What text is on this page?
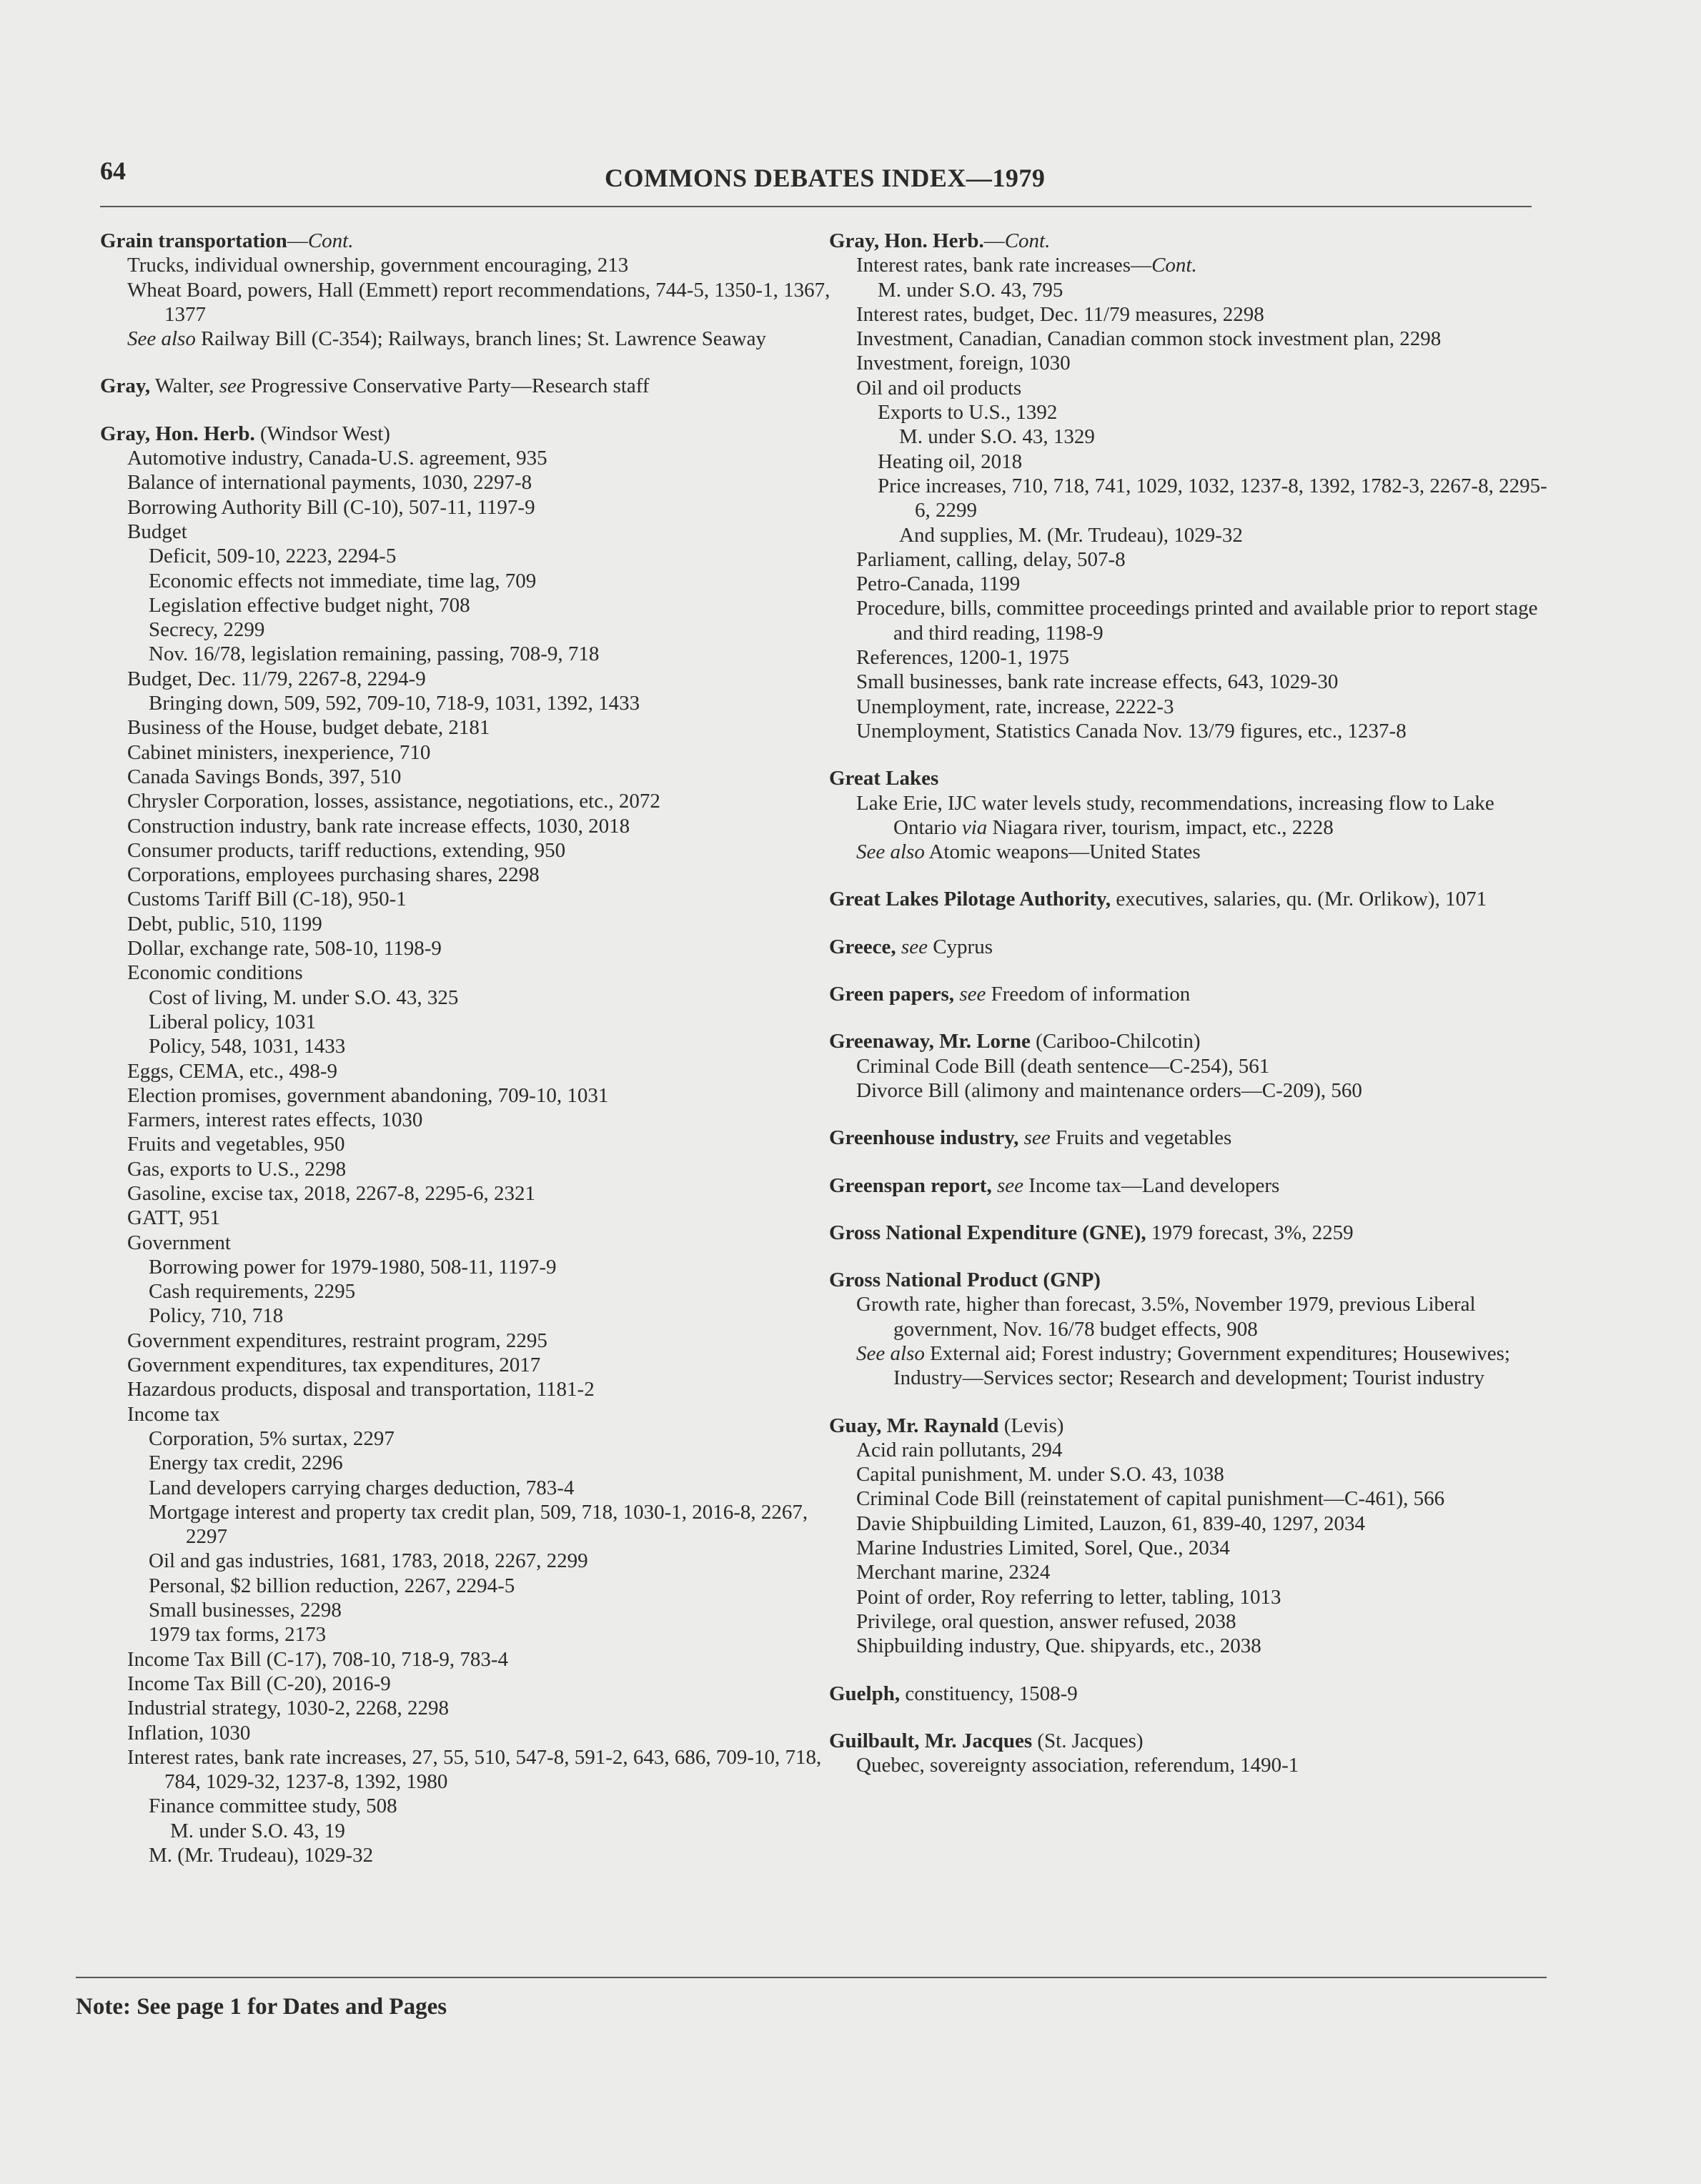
64	COMMONS DEBATES INDEX—1979
Grain transportation—Cont.
Trucks, individual ownership, government encouraging, 213
Wheat Board, powers, Hall (Emmett) report recommendations, 744-5, 1350-1, 1367, 1377
See also Railway Bill (C-354); Railways, branch lines; St. Lawrence Seaway
Gray, Walter, see Progressive Conservative Party—Research staff
Gray, Hon. Herb. (Windsor West)
Automotive industry, Canada-U.S. agreement, 935
Balance of international payments, 1030, 2297-8
Borrowing Authority Bill (C-10), 507-11, 1197-9
Budget
Deficit, 509-10, 2223, 2294-5
Economic effects not immediate, time lag, 709
Legislation effective budget night, 708
Secrecy, 2299
Nov. 16/78, legislation remaining, passing, 708-9, 718
Budget, Dec. 11/79, 2267-8, 2294-9
Bringing down, 509, 592, 709-10, 718-9, 1031, 1392, 1433
Business of the House, budget debate, 2181
Cabinet ministers, inexperience, 710
Canada Savings Bonds, 397, 510
Chrysler Corporation, losses, assistance, negotiations, etc., 2072
Construction industry, bank rate increase effects, 1030, 2018
Consumer products, tariff reductions, extending, 950
Corporations, employees purchasing shares, 2298
Customs Tariff Bill (C-18), 950-1
Debt, public, 510, 1199
Dollar, exchange rate, 508-10, 1198-9
Economic conditions
Cost of living, M. under S.O. 43, 325
Liberal policy, 1031
Policy, 548, 1031, 1433
Eggs, CEMA, etc., 498-9
Election promises, government abandoning, 709-10, 1031
Farmers, interest rates effects, 1030
Fruits and vegetables, 950
Gas, exports to U.S., 2298
Gasoline, excise tax, 2018, 2267-8, 2295-6, 2321
GATT, 951
Government
Borrowing power for 1979-1980, 508-11, 1197-9
Cash requirements, 2295
Policy, 710, 718
Government expenditures, restraint program, 2295
Government expenditures, tax expenditures, 2017
Hazardous products, disposal and transportation, 1181-2
Income tax
Corporation, 5% surtax, 2297
Energy tax credit, 2296
Land developers carrying charges deduction, 783-4
Mortgage interest and property tax credit plan, 509, 718, 1030-1, 2016-8, 2267, 2297
Oil and gas industries, 1681, 1783, 2018, 2267, 2299
Personal, $2 billion reduction, 2267, 2294-5
Small businesses, 2298
1979 tax forms, 2173
Income Tax Bill (C-17), 708-10, 718-9, 783-4
Income Tax Bill (C-20), 2016-9
Industrial strategy, 1030-2, 2268, 2298
Inflation, 1030
Interest rates, bank rate increases, 27, 55, 510, 547-8, 591-2, 643, 686, 709-10, 718, 784, 1029-32, 1237-8, 1392, 1980
Finance committee study, 508
M. under S.O. 43, 19
M. (Mr. Trudeau), 1029-32
Gray, Hon. Herb.—Cont.
Interest rates, bank rate increases—Cont.
M. under S.O. 43, 795
Interest rates, budget, Dec. 11/79 measures, 2298
Investment, Canadian, Canadian common stock investment plan, 2298
Investment, foreign, 1030
Oil and oil products
Exports to U.S., 1392
M. under S.O. 43, 1329
Heating oil, 2018
Price increases, 710, 718, 741, 1029, 1032, 1237-8, 1392, 1782-3, 2267-8, 2295-6, 2299
And supplies, M. (Mr. Trudeau), 1029-32
Parliament, calling, delay, 507-8
Petro-Canada, 1199
Procedure, bills, committee proceedings printed and available prior to report stage and third reading, 1198-9
References, 1200-1, 1975
Small businesses, bank rate increase effects, 643, 1029-30
Unemployment, rate, increase, 2222-3
Unemployment, Statistics Canada Nov. 13/79 figures, etc., 1237-8
Great Lakes
Lake Erie, IJC water levels study, recommendations, increasing flow to Lake Ontario via Niagara river, tourism, impact, etc., 2228
See also Atomic weapons—United States
Great Lakes Pilotage Authority, executives, salaries, qu. (Mr. Orlikow), 1071
Greece, see Cyprus
Green papers, see Freedom of information
Greenaway, Mr. Lorne (Cariboo-Chilcotin)
Criminal Code Bill (death sentence—C-254), 561
Divorce Bill (alimony and maintenance orders—C-209), 560
Greenhouse industry, see Fruits and vegetables
Greenspan report, see Income tax—Land developers
Gross National Expenditure (GNE), 1979 forecast, 3%, 2259
Gross National Product (GNP)
Growth rate, higher than forecast, 3.5%, November 1979, previous Liberal government, Nov. 16/78 budget effects, 908
See also External aid; Forest industry; Government expenditures; Housewives; Industry—Services sector; Research and development; Tourist industry
Guay, Mr. Raynald (Levis)
Acid rain pollutants, 294
Capital punishment, M. under S.O. 43, 1038
Criminal Code Bill (reinstatement of capital punishment—C-461), 566
Davie Shipbuilding Limited, Lauzon, 61, 839-40, 1297, 2034
Marine Industries Limited, Sorel, Que., 2034
Merchant marine, 2324
Point of order, Roy referring to letter, tabling, 1013
Privilege, oral question, answer refused, 2038
Shipbuilding industry, Que. shipyards, etc., 2038
Guelph, constituency, 1508-9
Guilbault, Mr. Jacques (St. Jacques)
Quebec, sovereignty association, referendum, 1490-1
Note: See page 1 for Dates and Pages
